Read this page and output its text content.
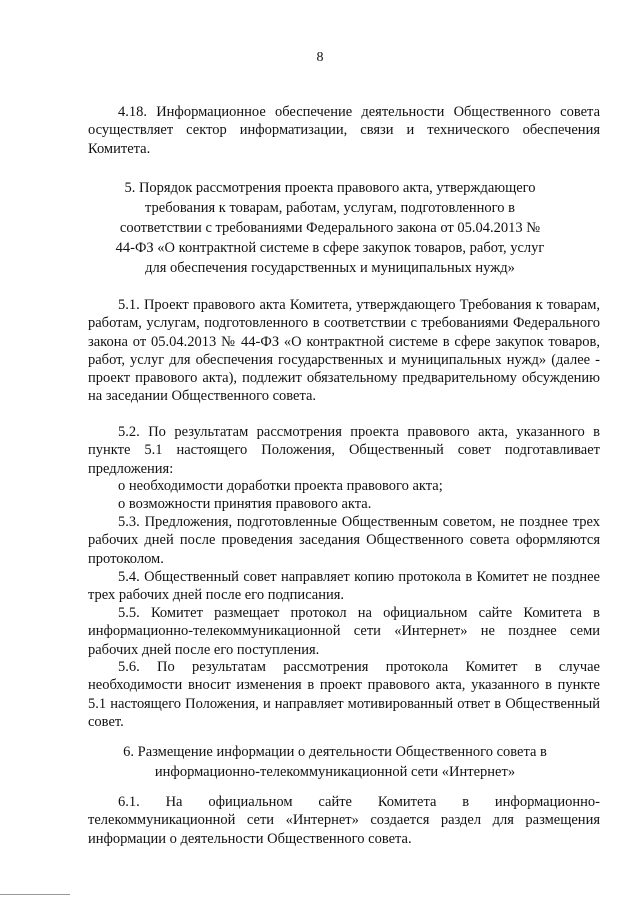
8

4.18. Информационное обеспечение деятельности Общественного совета осуществляет сектор информатизации, связи и технического обеспечения Комитета.

5. Порядок рассмотрения проекта правового акта, утверждающего требования к товарам, работам, услугам, подготовленного в соответствии с требованиями Федерального закона от 05.04.2013 № 44-ФЗ «О контрактной системе в сфере закупок товаров, работ, услуг для обеспечения государственных и муниципальных нужд»

5.1. Проект правового акта Комитета, утверждающего Требования к товарам, работам, услугам, подготовленного в соответствии с требованиями Федерального закона от 05.04.2013 № 44-ФЗ «О контрактной системе в сфере закупок товаров, работ, услуг для обеспечения государственных и муниципальных нужд» (далее - проект правового акта), подлежит обязательному предварительному обсуждению на заседании Общественного совета.

5.2. По результатам рассмотрения проекта правового акта, указанного в пункте 5.1 настоящего Положения, Общественный совет подготавливает предложения:

о необходимости доработки проекта правового акта;

о возможности принятия правового акта.

5.3. Предложения, подготовленные Общественным советом, не позднее трех рабочих дней после проведения заседания Общественного совета оформляются протоколом.

5.4. Общественный совет направляет копию протокола в Комитет не позднее трех рабочих дней после его подписания.

5.5. Комитет размещает протокол на официальном сайте Комитета в информационно-телекоммуникационной сети «Интернет» не позднее семи рабочих дней после его поступления.

5.6. По результатам рассмотрения протокола Комитет в случае необходимости вносит изменения в проект правового акта, указанного в пункте 5.1 настоящего Положения, и направляет мотивированный ответ в Общественный совет.

6. Размещение информации о деятельности Общественного совета в информационно-телекоммуникационной сети «Интернет»

6.1. На официальном сайте Комитета в информационно-телекоммуникационной сети «Интернет» создается раздел для размещения информации о деятельности Общественного совета.
